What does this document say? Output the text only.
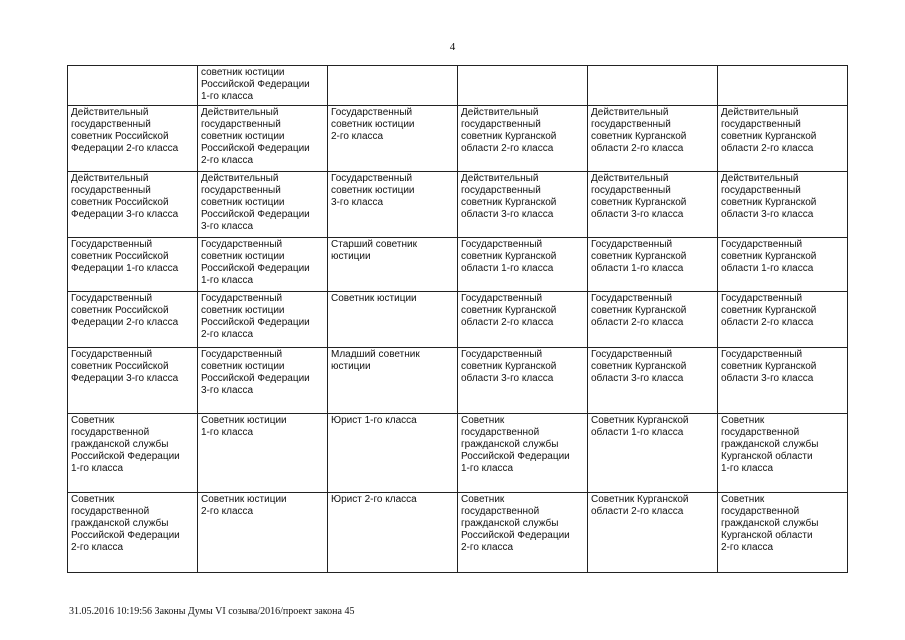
4

	советник юстиции
Российской Федерации
1-го класса				

Действительный
государственный
советник Российской
Федерации 2-го класса	Действительный
государственный
советник юстиции
Российской Федерации
2-го класса	Государственный
советник юстиции
2-го класса	Действительный
государственный
советник Курганской
области 2-го класса	Действительный
государственный
советник Курганской
области 2-го класса	Действительный
государственный
советник Курганской
области 2-го класса

Действительный
государственный
советник Российской
Федерации 3-го класса	Действительный
государственный
советник юстиции
Российской Федерации
3-го класса	Государственный
советник юстиции
3-го класса	Действительный
государственный
советник Курганской
области 3-го класса	Действительный
государственный
советник Курганской
области 3-го класса	Действительный
государственный
советник Курганской
области 3-го класса

Государственный
советник Российской
Федерации 1-го класса	Государственный
советник юстиции
Российской Федерации
1-го класса	Старший советник
юстиции	Государственный
советник Курганской
области 1-го класса	Государственный
советник Курганской
области 1-го класса	Государственный
советник Курганской
области 1-го класса

Государственный
советник Российской
Федерации 2-го класса	Государственный
советник юстиции
Российской Федерации
2-го класса	Советник юстиции	Государственный
советник Курганской
области 2-го класса	Государственный
советник Курганской
области 2-го класса	Государственный
советник Курганской
области 2-го класса

Государственный
советник Российской
Федерации 3-го класса	Государственный
советник юстиции
Российской Федерации
3-го класса	Младший советник
юстиции	Государственный
советник Курганской
области 3-го класса	Государственный
советник Курганской
области 3-го класса	Государственный
советник Курганской
области 3-го класса

Советник
государственной
гражданской службы
Российской Федерации
1-го класса	Советник юстиции
1-го класса	Юрист 1-го класса	Советник
государственной
гражданской службы
Российской Федерации
1-го класса	Советник Курганской
области 1-го класса	Советник
государственной
гражданской службы
Курганской области
1-го класса

Советник
государственной
гражданской службы
Российской Федерации
2-го класса	Советник юстиции
2-го класса	Юрист 2-го класса	Советник
государственной
гражданской службы
Российской Федерации
2-го класса	Советник Курганской
области 2-го класса	Советник
государственной
гражданской службы
Курганской области
2-го класса
31.05.2016 10:19:56 Законы Думы VI созыва/2016/проект закона 45
